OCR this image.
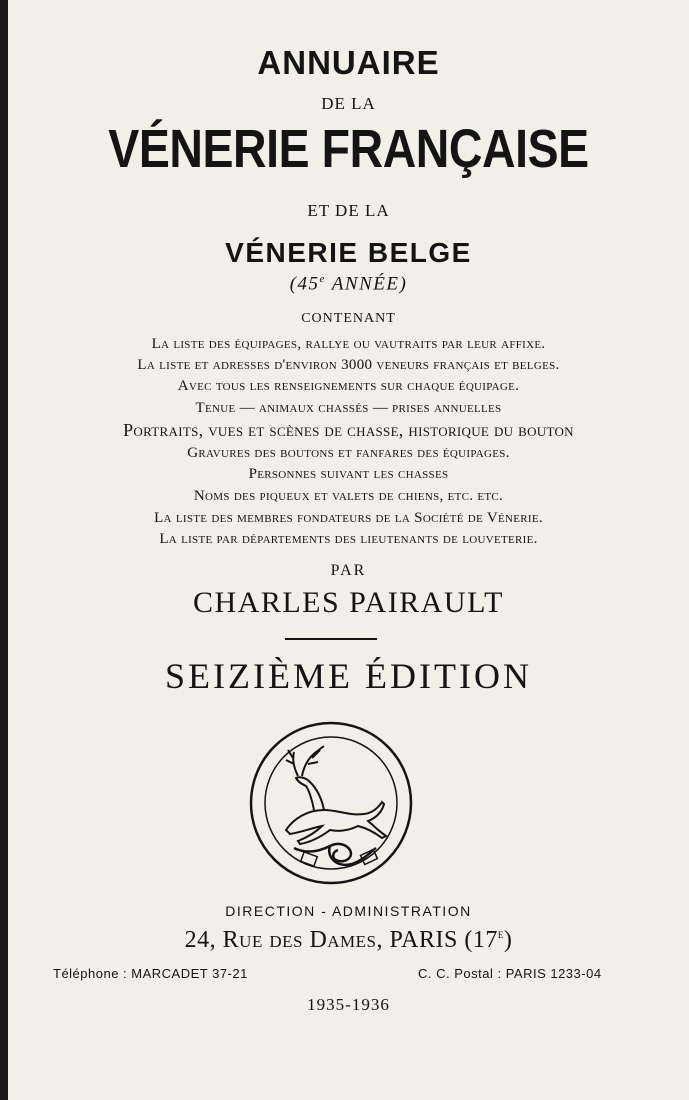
ANNUAIRE
DE LA
VÉNERIE FRANÇAISE
ET DE LA
VÉNERIE BELGE
(45e ANNÉE)
CONTENANT
La liste des équipages, rallye ou vautraits par leur affixe.
La liste et adresses d'environ 3000 veneurs français et belges.
Avec tous les renseignements sur chaque équipage.
Tenue — animaux chassés — prises annuelles
Portraits, vues et scènes de chasse, historique du bouton
Gravures des boutons et fanfares des équipages.
Personnes suivant les chasses
Noms des piqueux et valets de chiens, etc. etc.
La liste des membres fondateurs de la Société de Vénerie.
La liste par départements des lieutenants de louveterie.
PAR
CHARLES PAIRAULT
SEIZIÈME ÉDITION
DIRECTION - ADMINISTRATION
24, Rue des Dames, PARIS (17e)
Téléphone : MARCADET 37-21	C. C. Postal : PARIS 1233-04
1935-1936
